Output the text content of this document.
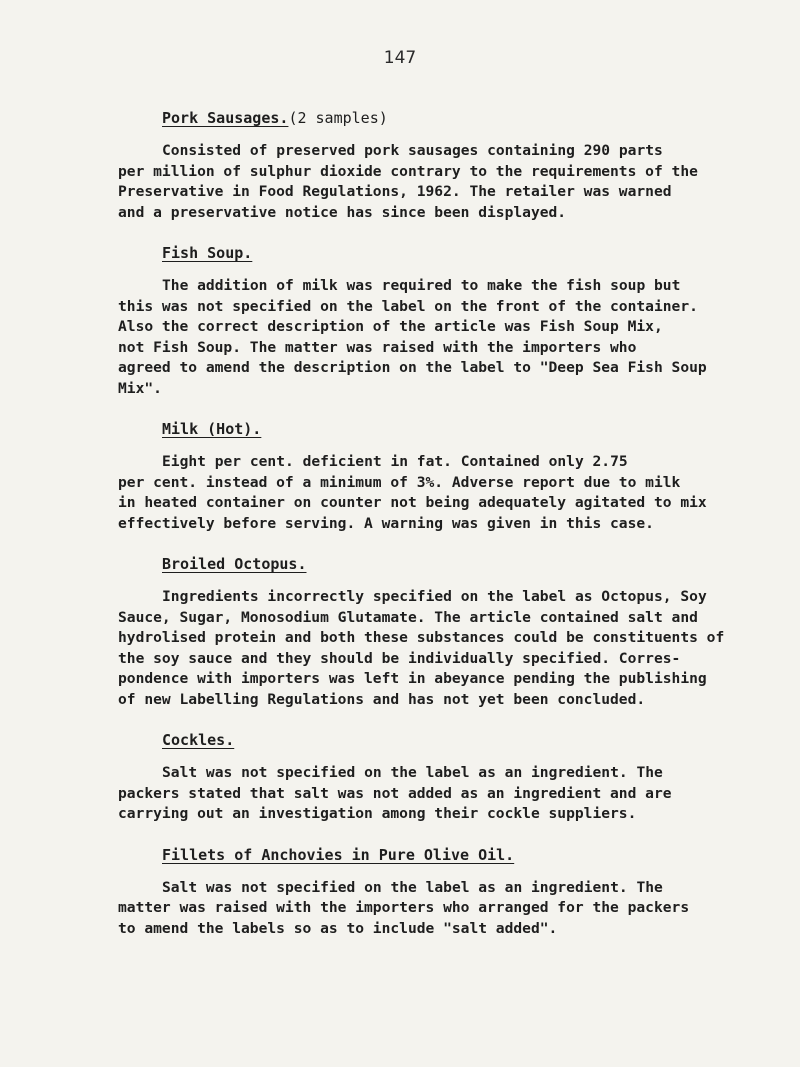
147
Pork Sausages.(2 samples)
Consisted of preserved pork sausages containing 290 parts
per million of sulphur dioxide contrary to the requirements of the
Preservative in Food Regulations, 1962. The retailer was warned
and a preservative notice has since been displayed.
Fish Soup.
The addition of milk was required to make the fish soup but
this was not specified on the label on the front of the container.
Also the correct description of the article was Fish Soup Mix,
not Fish Soup. The matter was raised with the importers who
agreed to amend the description on the label to "Deep Sea Fish Soup
Mix".
Milk (Hot).
Eight per cent. deficient in fat. Contained only 2.75
per cent. instead of a minimum of 3%. Adverse report due to milk
in heated container on counter not being adequately agitated to mix
effectively before serving. A warning was given in this case.
Broiled Octopus.
Ingredients incorrectly specified on the label as Octopus, Soy
Sauce, Sugar, Monosodium Glutamate. The article contained salt and
hydrolised protein and both these substances could be constituents of
the soy sauce and they should be individually specified. Corres-
pondence with importers was left in abeyance pending the publishing
of new Labelling Regulations and has not yet been concluded.
Cockles.
Salt was not specified on the label as an ingredient. The
packers stated that salt was not added as an ingredient and are
carrying out an investigation among their cockle suppliers.
Fillets of Anchovies in Pure Olive Oil.
Salt was not specified on the label as an ingredient. The
matter was raised with the importers who arranged for the packers
to amend the labels so as to include "salt added".
